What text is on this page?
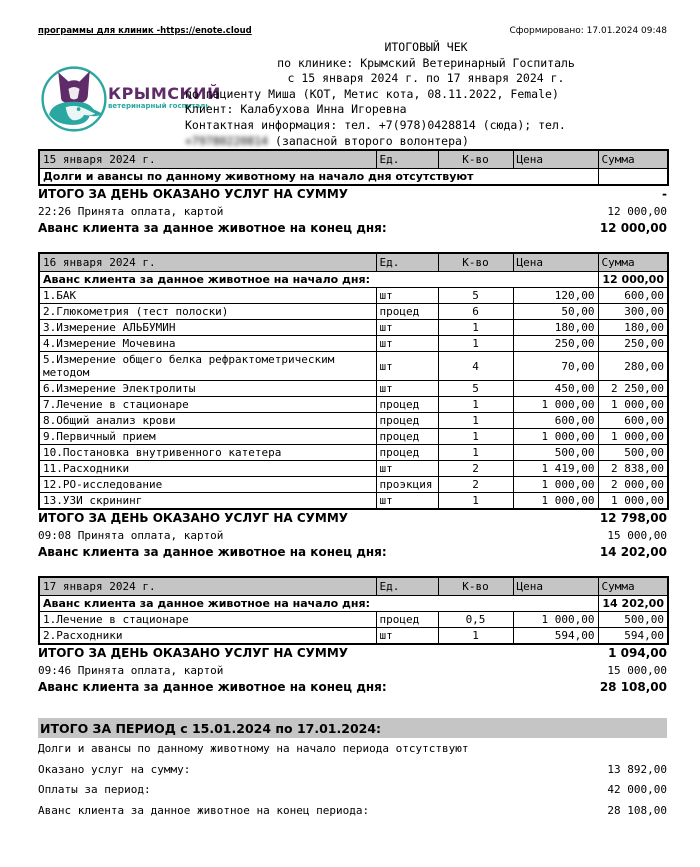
программы для клиник -https://enote.cloud	Сформировано: 17.01.2024 09:48
КРЫМСКИЙ
ветеринарный госпиталь
ИТОГОВЫЙ ЧЕК
по клинике: Крымский Ветеринарный Госпиталь
с 15 января 2024 г. по 17 января 2024 г.
по пациенту Миша (КОТ, Метис кота, 08.11.2022, Female)
Клиент: Калабухова Инна Игоревна
Контактная информация: тел. +7(978)0428814 (сюда); тел.
+79780220814 (запасной второго волонтера)
15 января 2024 г.	Ед.	К-во	Цена	Сумма
Долги и авансы по данному животному на начало дня отсутствуют				
ИТОГО ЗА ДЕНЬ ОКАЗАНО УСЛУГ НА СУММУ	-
22:26 Принята оплата, картой	12 000,00
Аванс клиента за данное животное на конец дня:	12 000,00
16 января 2024 г.	Ед.	К-во	Цена	Сумма
Аванс клиента за данное животное на начало дня:				12 000,00
1.БАК	шт	5	120,00	600,00
2.Глюкометрия (тест полоски)	процед	6	50,00	300,00
3.Измерение АЛЬБУМИН	шт	1	180,00	180,00
4.Измерение Мочевина	шт	1	250,00	250,00
5.Измерение общего белка рефрактометрическим методом	шт	4	70,00	280,00
6.Измерение Электролиты	шт	5	450,00	2 250,00
7.Лечение в стационаре	процед	1	1 000,00	1 000,00
8.Общий анализ крови	процед	1	600,00	600,00
9.Первичный прием	процед	1	1 000,00	1 000,00
10.Постановка внутривенного катетера	процед	1	500,00	500,00
11.Расходники	шт	2	1 419,00	2 838,00
12.РО-исследование	проэкция	2	1 000,00	2 000,00
13.УЗИ скрининг	шт	1	1 000,00	1 000,00
ИТОГО ЗА ДЕНЬ ОКАЗАНО УСЛУГ НА СУММУ	12 798,00
09:08 Принята оплата, картой	15 000,00
Аванс клиента за данное животное на конец дня:	14 202,00
17 января 2024 г.	Ед.	К-во	Цена	Сумма
Аванс клиента за данное животное на начало дня:				14 202,00
1.Лечение в стационаре	процед	0,5	1 000,00	500,00
2.Расходники	шт	1	594,00	594,00
ИТОГО ЗА ДЕНЬ ОКАЗАНО УСЛУГ НА СУММУ	1 094,00
09:46 Принята оплата, картой	15 000,00
Аванс клиента за данное животное на конец дня:	28 108,00
ИТОГО ЗА ПЕРИОД с 15.01.2024 по 17.01.2024:
Долги и авансы по данному животному на начало периода отсутствуют
Оказано услуг на сумму:	13 892,00
Оплаты за период:	42 000,00
Аванс клиента за данное животное на конец периода:	28 108,00
